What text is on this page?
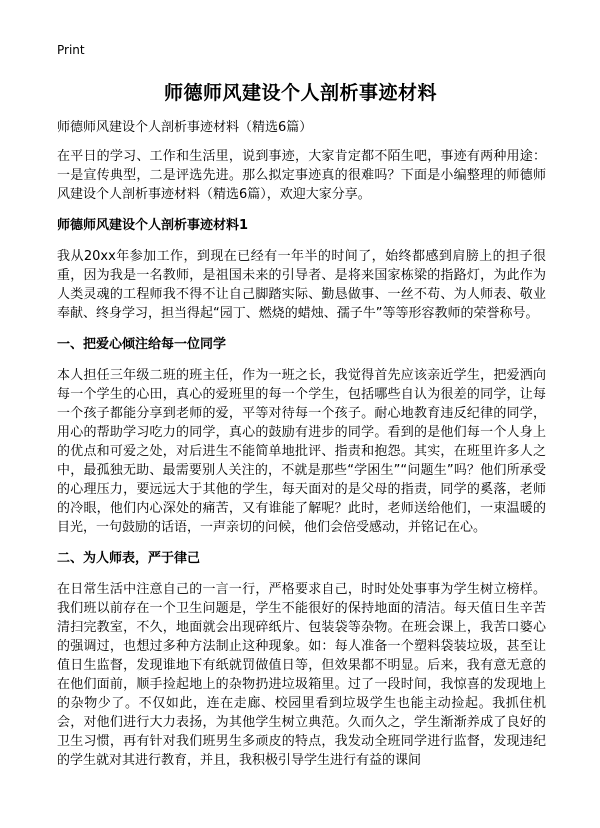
Print
师德师风建设个人剖析事迹材料
师德师风建设个人剖析事迹材料（精选6篇）

在平日的学习、工作和生活里，说到事迹，大家肯定都不陌生吧，事迹有两种用途：一是宣传典型，二是评选先进。那么拟定事迹真的很难吗？下面是小编整理的师德师风建设个人剖析事迹材料（精选6篇），欢迎大家分享。

师德师风建设个人剖析事迹材料1

我从20xx年参加工作，到现在已经有一年半的时间了，始终都感到肩膀上的担子很重，因为我是一名教师，是祖国未来的引导者、是将来国家栋梁的指路灯，为此作为人类灵魂的工程师我不得不让自己脚踏实际、勤恳做事、一丝不苟、为人师表、敬业奉献、终身学习，担当得起“园丁、燃烧的蜡烛、孺子牛”等等形容教师的荣誉称号。

一、把爱心倾注给每一位同学

本人担任三年级二班的班主任，作为一班之长，我觉得首先应该亲近学生，把爱洒向每一个学生的心田，真心的爱班里的每一个学生，包括哪些自认为很差的同学，让每一个孩子都能分享到老师的爱，平等对待每一个孩子。耐心地教育违反纪律的同学，用心的帮助学习吃力的同学，真心的鼓励有进步的同学。看到的是他们每一个人身上的优点和可爱之处，对后进生不能简单地批评、指责和抱怨。其实，在班里许多人之中，最孤独无助、最需要别人关注的，不就是那些“学困生”“问题生”吗？他们所承受的心理压力，要远远大于其他的学生，每天面对的是父母的指责，同学的奚落，老师的冷眼，他们内心深处的痛苦，又有谁能了解呢？此时，老师送给他们，一束温暖的目光，一句鼓励的话语，一声亲切的问候，他们会倍受感动，并铭记在心。

二、为人师表，严于律己

在日常生活中注意自己的一言一行，严格要求自己，时时处处事事为学生树立榜样。我们班以前存在一个卫生问题是，学生不能很好的保持地面的清洁。每天值日生辛苦清扫完教室，不久，地面就会出现碎纸片、包装袋等杂物。在班会课上，我苦口婆心的强调过，也想过多种方法制止这种现象。如：每人准备一个塑料袋装垃圾，甚至让值日生监督，发现谁地下有纸就罚做值日等，但效果都不明显。后来，我有意无意的在他们面前，顺手捡起地上的杂物扔进垃圾箱里。过了一段时间，我惊喜的发现地上的杂物少了。不仅如此，连在走廊、校园里看到垃圾学生也能主动捡起。我抓住机会，对他们进行大力表扬，为其他学生树立典范。久而久之，学生渐渐养成了良好的卫生习惯，再有针对我们班男生多顽皮的特点，我发动全班同学进行监督，发现违纪的学生就对其进行教育，并且，我积极引导学生进行有益的课间
